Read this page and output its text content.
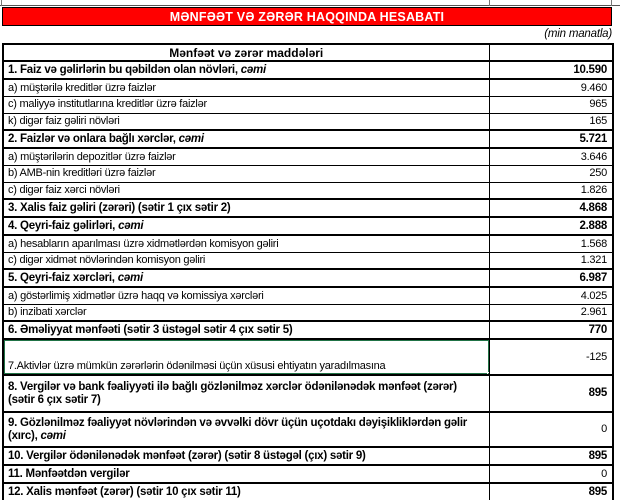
MƏNFƏƏT VƏ ZƏRƏR HAQQINDA HESABATI
(min manatla)
Mənfəət və zərər maddələri	
1. Faiz və gəlirlərin bu qəbildən olan növləri, cəmi	10.590
a) müştərilə kreditlər üzrə faizlər	9.460
c) maliyyə institutlarına kreditlər üzrə faizlər	965
k) digər faiz gəliri növləri	165
2. Faizlər və onlara bağlı xərclər, cəmi	5.721
a) müştərilərin depozitlər üzrə faizlər	3.646
b) AMB-nin kreditləri üzrə faizlər	250
c) digər faiz xərci növləri	1.826
3. Xalis faiz gəliri (zərəri) (sətir 1 çıx sətir 2)	4.868
4. Qeyri-faiz gəlirləri, cəmi	2.888
a) hesabların aparılması üzrə xidmətlərdən komisyon gəliri	1.568
c) digər xidmət növlərindən komisyon gəliri	1.321
5. Qeyri-faiz xərcləri, cəmi	6.987
a) göstərlimiş xidmətlər üzrə haqq və komissiya xərcləri	4.025
b) inzibati xərclər	2.961
6. Əməliyyat mənfəəti (sətir 3 üstəgəl sətir 4 çıx sətir 5)	770
7.Aktivlər üzrə mümkün zərərlərin ödənilməsi üçün xüsusi ehtiyatın yaradılmasına	-125
8. Vergilər və bank fəaliyyəti ilə bağlı gözlənilməz xərclər ödənilənədək mənfəət (zərər) (sətir 6 çıx sətir 7)	895
9. Gözlənilməz fəaliyyət növlərindən və əvvəlki dövr üçün uçotdakı dəyişikliklərdən gəlir (xırc), cəmi	0
10. Vergilər ödənilənədək mənfəət (zərər) (sətir 8 üstəgəl (çıx) sətir 9)	895
11. Mənfəətdən vergilər	0
12. Xalis mənfəət (zərər) (sətir 10 çıx sətir 11)	895
